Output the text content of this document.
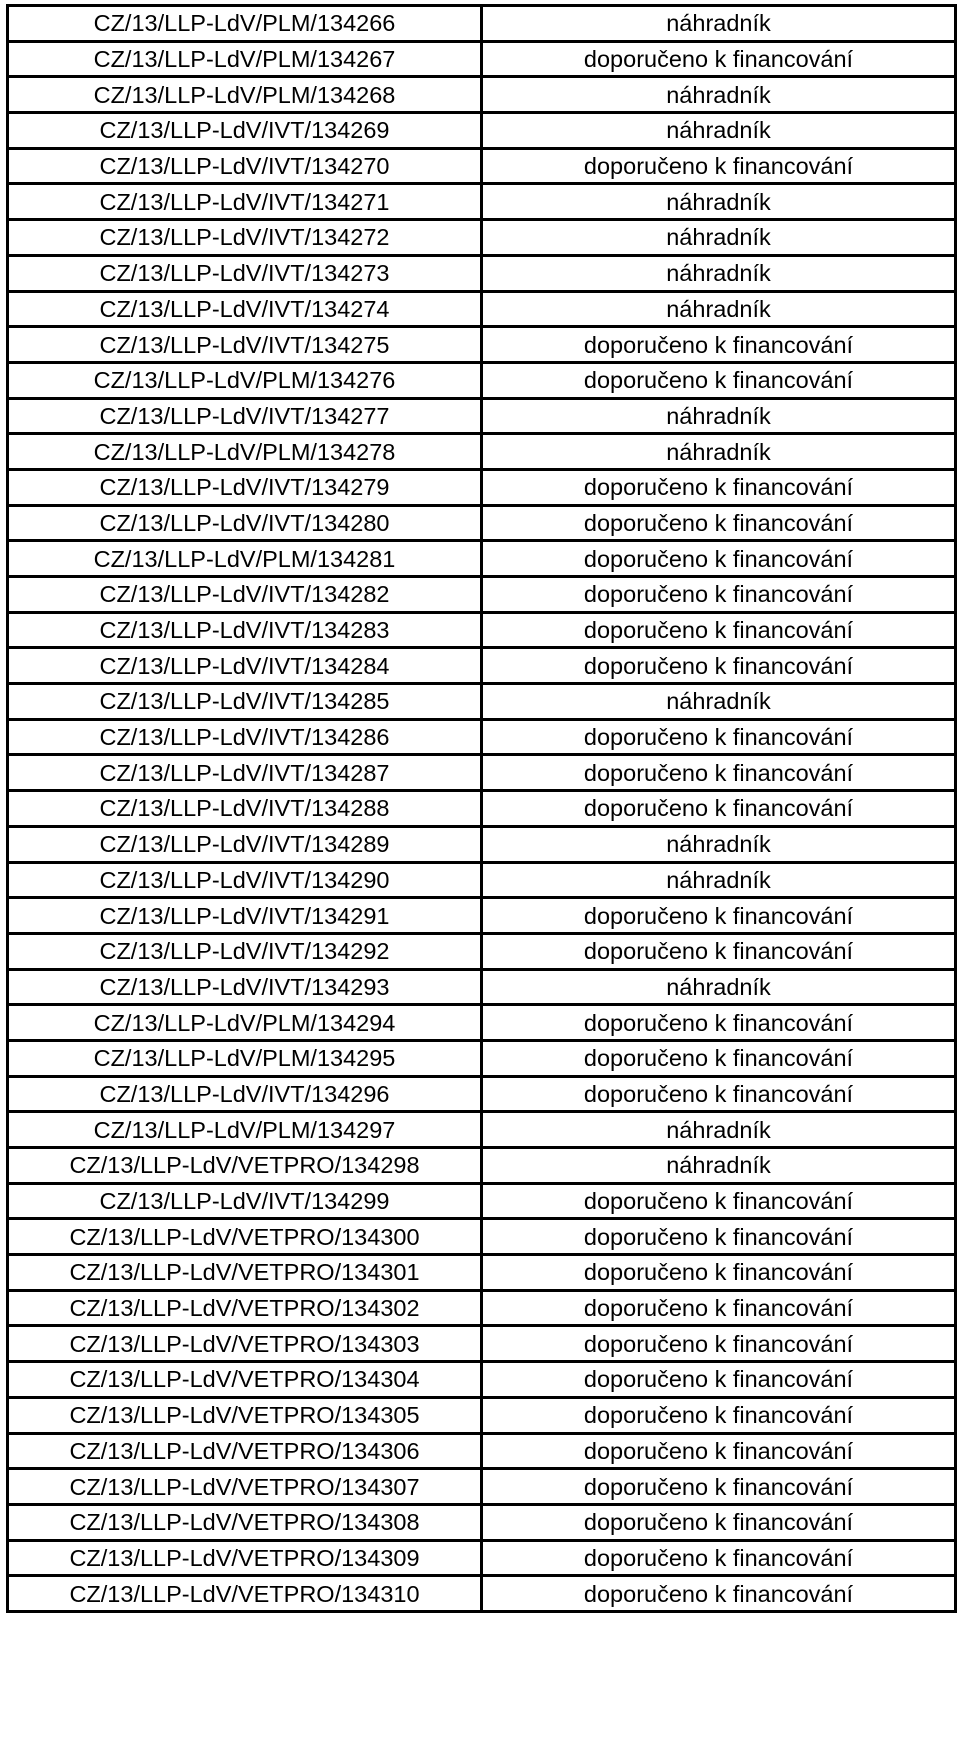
CZ/13/LLP-LdV/PLM/134266	náhradník
CZ/13/LLP-LdV/PLM/134267	doporučeno k financování
CZ/13/LLP-LdV/PLM/134268	náhradník
CZ/13/LLP-LdV/IVT/134269	náhradník
CZ/13/LLP-LdV/IVT/134270	doporučeno k financování
CZ/13/LLP-LdV/IVT/134271	náhradník
CZ/13/LLP-LdV/IVT/134272	náhradník
CZ/13/LLP-LdV/IVT/134273	náhradník
CZ/13/LLP-LdV/IVT/134274	náhradník
CZ/13/LLP-LdV/IVT/134275	doporučeno k financování
CZ/13/LLP-LdV/PLM/134276	doporučeno k financování
CZ/13/LLP-LdV/IVT/134277	náhradník
CZ/13/LLP-LdV/PLM/134278	náhradník
CZ/13/LLP-LdV/IVT/134279	doporučeno k financování
CZ/13/LLP-LdV/IVT/134280	doporučeno k financování
CZ/13/LLP-LdV/PLM/134281	doporučeno k financování
CZ/13/LLP-LdV/IVT/134282	doporučeno k financování
CZ/13/LLP-LdV/IVT/134283	doporučeno k financování
CZ/13/LLP-LdV/IVT/134284	doporučeno k financování
CZ/13/LLP-LdV/IVT/134285	náhradník
CZ/13/LLP-LdV/IVT/134286	doporučeno k financování
CZ/13/LLP-LdV/IVT/134287	doporučeno k financování
CZ/13/LLP-LdV/IVT/134288	doporučeno k financování
CZ/13/LLP-LdV/IVT/134289	náhradník
CZ/13/LLP-LdV/IVT/134290	náhradník
CZ/13/LLP-LdV/IVT/134291	doporučeno k financování
CZ/13/LLP-LdV/IVT/134292	doporučeno k financování
CZ/13/LLP-LdV/IVT/134293	náhradník
CZ/13/LLP-LdV/PLM/134294	doporučeno k financování
CZ/13/LLP-LdV/PLM/134295	doporučeno k financování
CZ/13/LLP-LdV/IVT/134296	doporučeno k financování
CZ/13/LLP-LdV/PLM/134297	náhradník
CZ/13/LLP-LdV/VETPRO/134298	náhradník
CZ/13/LLP-LdV/IVT/134299	doporučeno k financování
CZ/13/LLP-LdV/VETPRO/134300	doporučeno k financování
CZ/13/LLP-LdV/VETPRO/134301	doporučeno k financování
CZ/13/LLP-LdV/VETPRO/134302	doporučeno k financování
CZ/13/LLP-LdV/VETPRO/134303	doporučeno k financování
CZ/13/LLP-LdV/VETPRO/134304	doporučeno k financování
CZ/13/LLP-LdV/VETPRO/134305	doporučeno k financování
CZ/13/LLP-LdV/VETPRO/134306	doporučeno k financování
CZ/13/LLP-LdV/VETPRO/134307	doporučeno k financování
CZ/13/LLP-LdV/VETPRO/134308	doporučeno k financování
CZ/13/LLP-LdV/VETPRO/134309	doporučeno k financování
CZ/13/LLP-LdV/VETPRO/134310	doporučeno k financování
